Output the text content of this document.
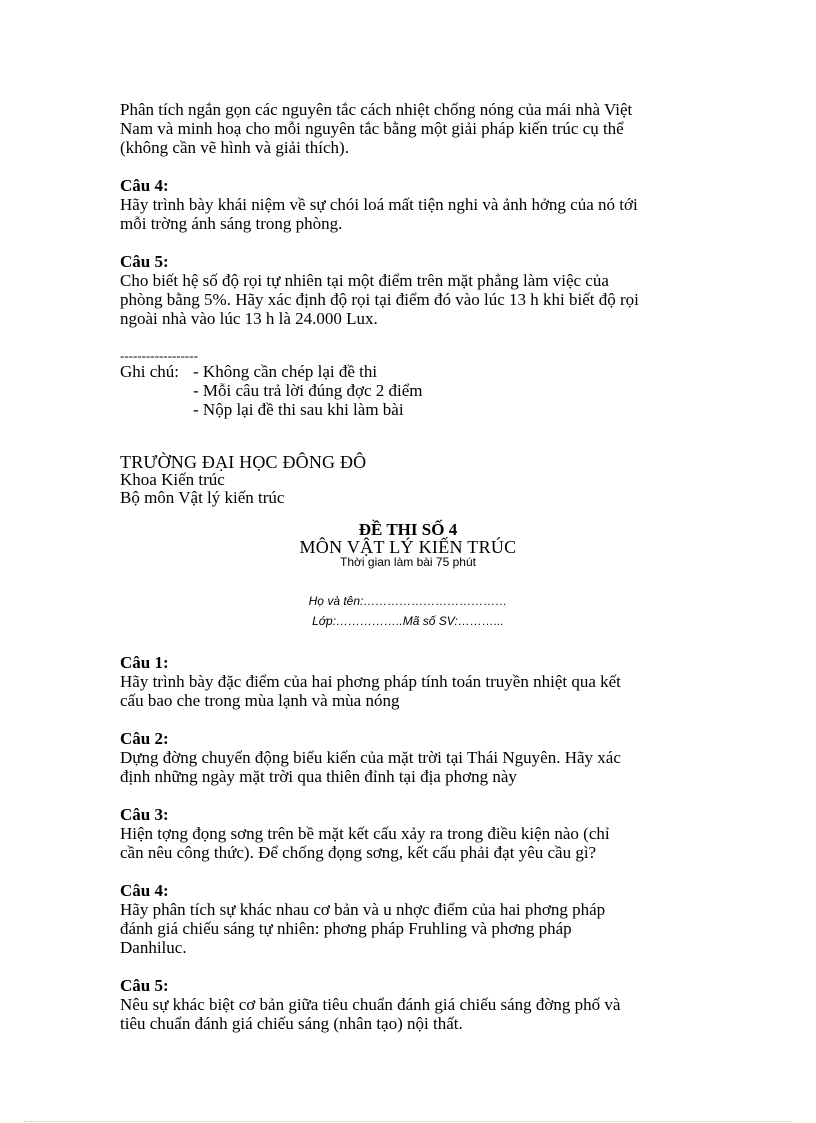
Phân tích ngắn gọn các nguyên tắc cách nhiệt chống nóng của mái nhà Việt

Nam và minh hoạ cho mỗi nguyên tắc bằng một giải pháp kiến trúc cụ thể

(không cần vẽ hình và giải thích).

Câu 4:

Hãy trình bày khái niệm về sự chói loá mất tiện nghi và ảnh hởng của nó tới

mỗi trờng ánh sáng trong phòng.

Câu 5:

Cho biết hệ số độ rọi tự nhiên tại một điểm trên mặt phẳng làm việc của

phòng bằng 5%. Hãy xác định độ rọi tại điểm đó vào lúc 13 h khi biết độ rọi

ngoài nhà vào lúc 13 h là 24.000 Lux.

------------------

Ghi chú: - Không cần chép lại đề thi
- Mỗi câu trả lời đúng đợc 2 điểm
- Nộp lại đề thi sau khi làm bài

TRƯỜNG ĐẠI HỌC ĐÔNG ĐÔ

Khoa Kiến trúc

Bộ môn Vật lý kiến trúc

ĐỀ THI SỐ 4

MÔN VẬT LÝ KIẾN TRÚC

Thời gian làm bài 75 phút

Họ và tên:………………………………
Lớp:……………..Mã số SV:………...

Câu 1:

Hãy trình bày đặc điểm của hai phơng pháp tính toán truyền nhiệt qua kết

cấu bao che trong mùa lạnh và mùa nóng

Câu 2:

Dựng đờng chuyển động biểu kiến của mặt trời tại Thái Nguyên. Hãy xác

định những ngày mặt trời qua thiên đỉnh tại địa phơng này

Câu 3:

Hiện tợng đọng sơng trên bề mặt kết cấu xảy ra trong điều kiện nào (chỉ

cần nêu công thức). Để chống đọng sơng, kết cấu phải đạt yêu cầu gì?

Câu 4:

Hãy phân tích sự khác nhau cơ bản và u nhợc điểm của hai phơng pháp

đánh giá chiếu sáng tự nhiên: phơng pháp Fruhling và phơng pháp

Danhiluc.

Câu 5:

Nêu sự khác biệt cơ bản giữa tiêu chuẩn đánh giá chiếu sáng đờng phố và

tiêu chuẩn đánh giá chiếu sáng (nhân tạo) nội thất.
